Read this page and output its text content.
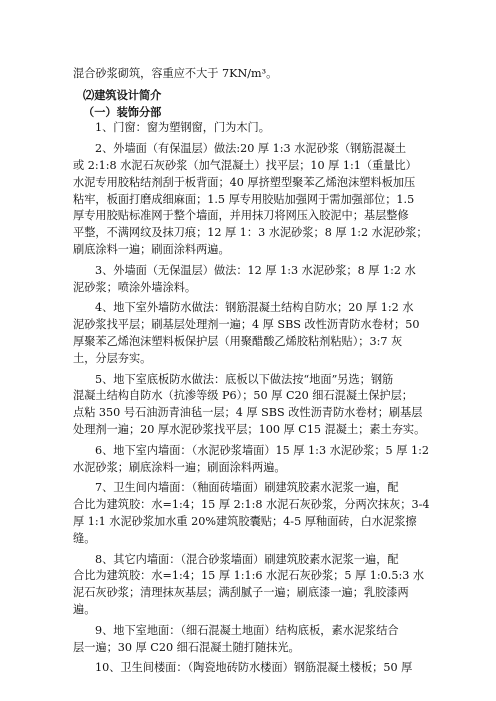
混合砂浆砌筑，容重应不大于 7KN/m³。
⑵建筑设计简介
（一）装饰分部
1、门窗：窗为塑钢窗，门为木门。
2、外墙面（有保温层）做法:20 厚 1:3 水泥砂浆（钢筋混凝土
或 2:1:8 水泥石灰砂浆（加气混凝土）找平层；10 厚 1:1（重量比）
水泥专用胶粘结剂刮于板背面；40 厚挤塑型聚苯乙烯泡沫塑料板加压
粘牢，板面打磨成细麻面；1.5 厚专用胶贴加强网于需加强部位；1.5
厚专用胶贴标准网于整个墙面，并用抹刀将网压入胶泥中；基层整修
平整，不满网纹及抹刀痕；12 厚 1：3 水泥砂浆；8 厚 1:2 水泥砂浆；
刷底涂料一遍；刷面涂料两遍。
3、外墙面（无保温层）做法：12 厚 1:3 水泥砂浆；8 厚 1:2 水
泥砂浆；喷涂外墙涂料。
4、地下室外墙防水做法：钢筋混凝土结构自防水；20 厚 1:2 水
泥砂浆找平层；刷基层处理剂一遍；4 厚 SBS 改性沥青防水卷材；50
厚聚苯乙烯泡沫塑料板保护层（用聚醋酸乙烯胶粘剂粘贴）；3:7 灰
土，分层夯实。
5、地下室底板防水做法：底板以下做法按“地面”另选；钢筋
混凝土结构自防水（抗渗等级 P6）；50 厚 C20 细石混凝土保护层；
点粘 350 号石油沥青油毡一层；4 厚 SBS 改性沥青防水卷材；刷基层
处理剂一遍；20 厚水泥砂浆找平层；100 厚 C15 混凝土；素土夯实。
6、地下室内墙面：（水泥砂浆墙面）15 厚 1:3 水泥砂浆；5 厚 1:2
水泥砂浆；刷底涂料一遍；刷面涂料两遍。
7、卫生间内墙面：（釉面砖墙面）刷建筑胶素水泥浆一遍，配
合比为建筑胶：水=1:4；15 厚 2:1:8 水泥石灰砂浆，分两次抹灰；3-4
厚 1:1 水泥砂浆加水重 20%建筑胶囊贴；4-5 厚釉面砖，白水泥浆擦
缝。
8、其它内墙面：（混合砂浆墙面）刷建筑胶素水泥浆一遍，配
合比为建筑胶：水=1:4；15 厚 1:1:6 水泥石灰砂浆；5 厚 1:0.5:3 水
泥石灰砂浆；清理抹灰基层；满刮腻子一遍；刷底漆一遍；乳胶漆两
遍。
9、地下室地面：（细石混凝土地面）结构底板，素水泥浆结合
层一遍；30 厚 C20 细石混凝土随打随抹光。
10、卫生间楼面：（陶瓷地砖防水楼面）钢筋混凝土楼板；50 厚
